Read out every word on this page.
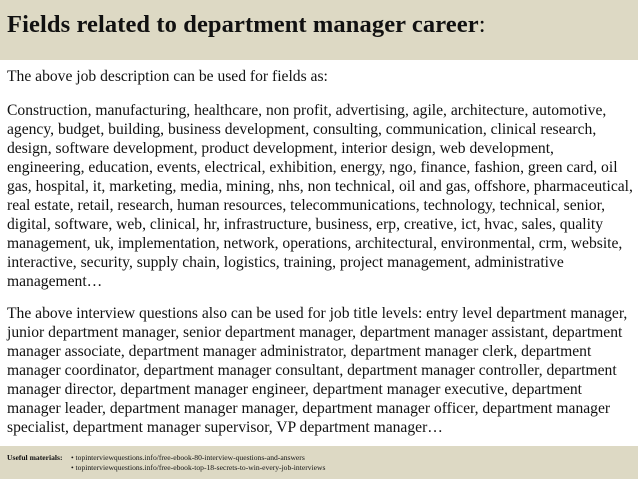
Fields related to department manager career:

The above job description can be used for fields as:

Construction, manufacturing, healthcare, non profit, advertising, agile, architecture, automotive, agency, budget, building, business development, consulting, communication, clinical research, design, software development, product development, interior design, web development, engineering, education, events, electrical, exhibition, energy, ngo, finance, fashion, green card, oil gas, hospital, it, marketing, media, mining, nhs, non technical, oil and gas, offshore, pharmaceutical, real estate, retail, research, human resources, telecommunications, technology, technical, senior, digital, software, web, clinical, hr, infrastructure, business, erp, creative, ict, hvac, sales, quality management, uk, implementation, network, operations, architectural, environmental, crm, website, interactive, security, supply chain, logistics, training, project management, administrative management…

The above interview questions also can be used for job title levels: entry level department manager, junior department manager, senior department manager, department manager assistant, department manager associate, department manager administrator, department manager clerk, department manager coordinator, department manager consultant, department manager controller, department manager director, department manager engineer, department manager executive, department manager leader, department manager manager, department manager officer, department manager specialist, department manager supervisor, VP department manager…

Useful materials:• topinterviewquestions.info/free-ebook-80-interview-questions-and-answers
• topinterviewquestions.info/free-ebook-top-18-secrets-to-win-every-job-interviews
